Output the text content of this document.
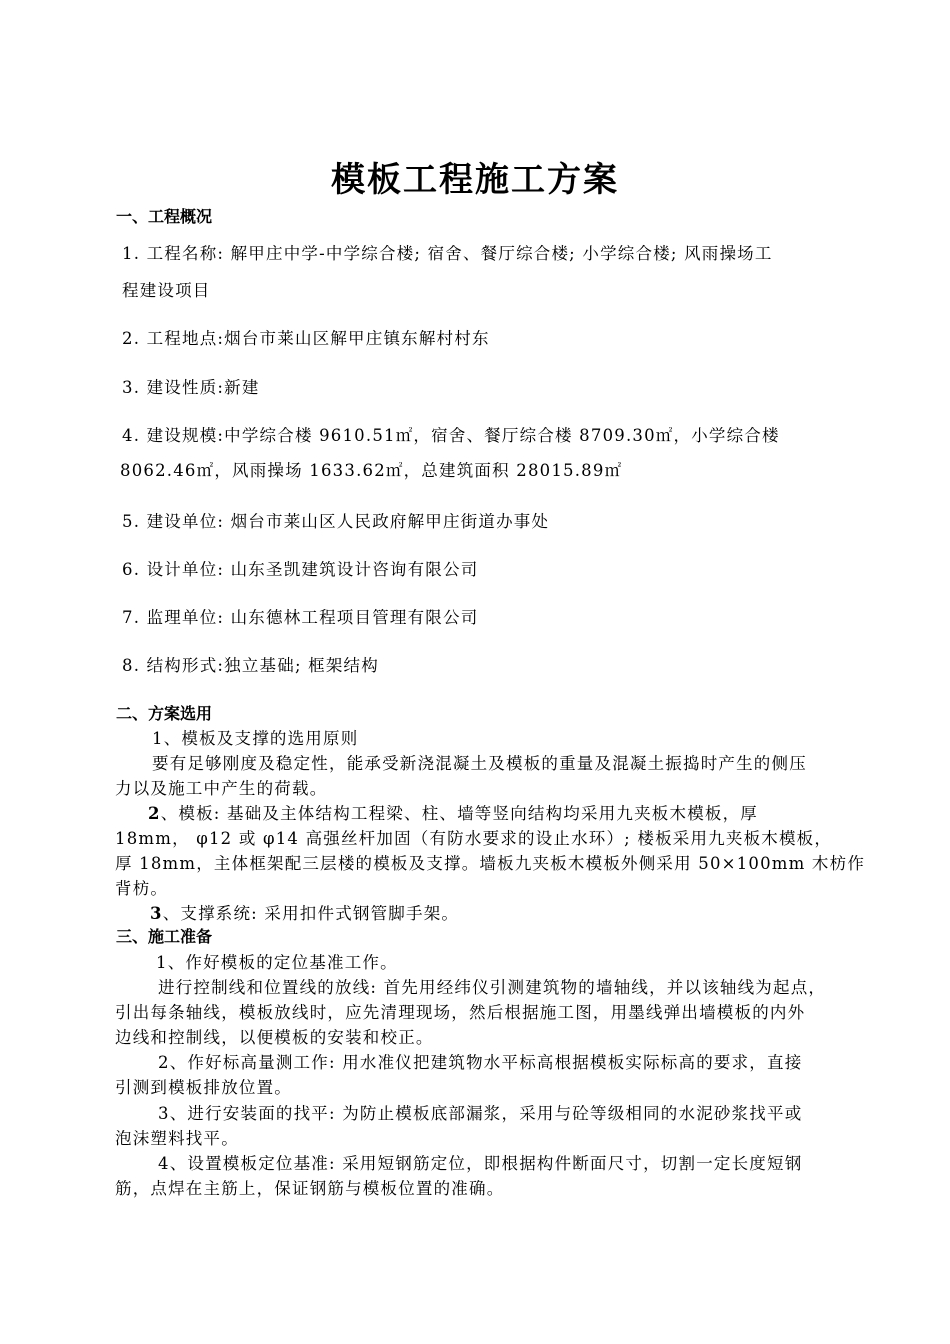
模板工程施工方案
一、工程概况
1. 工程名称: 解甲庄中学-中学综合楼; 宿舍、餐厅综合楼; 小学综合楼; 风雨操场工
程建设项目
2. 工程地点:烟台市莱山区解甲庄镇东解村村东
3. 建设性质:新建
4. 建设规模:中学综合楼 9610.51㎡，宿舍、餐厅综合楼 8709.30㎡，小学综合楼
8062.46㎡，风雨操场 1633.62㎡，总建筑面积 28015.89㎡
5. 建设单位: 烟台市莱山区人民政府解甲庄街道办事处
6. 设计单位: 山东圣凯建筑设计咨询有限公司
7. 监理单位: 山东德林工程项目管理有限公司
8. 结构形式:独立基础; 框架结构
二、方案选用
1、模板及支撑的选用原则
要有足够刚度及稳定性，能承受新浇混凝土及模板的重量及混凝土振捣时产生的侧压
力以及施工中产生的荷载。
2、模板: 基础及主体结构工程梁、柱、墙等竖向结构均采用九夹板木模板，厚
18mm， φ12 或 φ14 高强丝杆加固（有防水要求的设止水环）; 楼板采用九夹板木模板，
厚 18mm，主体框架配三层楼的模板及支撑。墙板九夹板木模板外侧采用 50×100mm 木枋作
背枋。
3、支撑系统: 采用扣件式钢管脚手架。
三、施工准备
1、作好模板的定位基准工作。
进行控制线和位置线的放线: 首先用经纬仪引测建筑物的墙轴线，并以该轴线为起点，
引出每条轴线，模板放线时，应先清理现场，然后根据施工图，用墨线弹出墙模板的内外
边线和控制线，以便模板的安装和校正。
2、作好标高量测工作: 用水准仪把建筑物水平标高根据模板实际标高的要求，直接
引测到模板排放位置。
3、进行安装面的找平: 为防止模板底部漏浆，采用与砼等级相同的水泥砂浆找平或
泡沫塑料找平。
4、设置模板定位基准: 采用短钢筋定位，即根据构件断面尺寸，切割一定长度短钢
筋，点焊在主筋上，保证钢筋与模板位置的准确。
